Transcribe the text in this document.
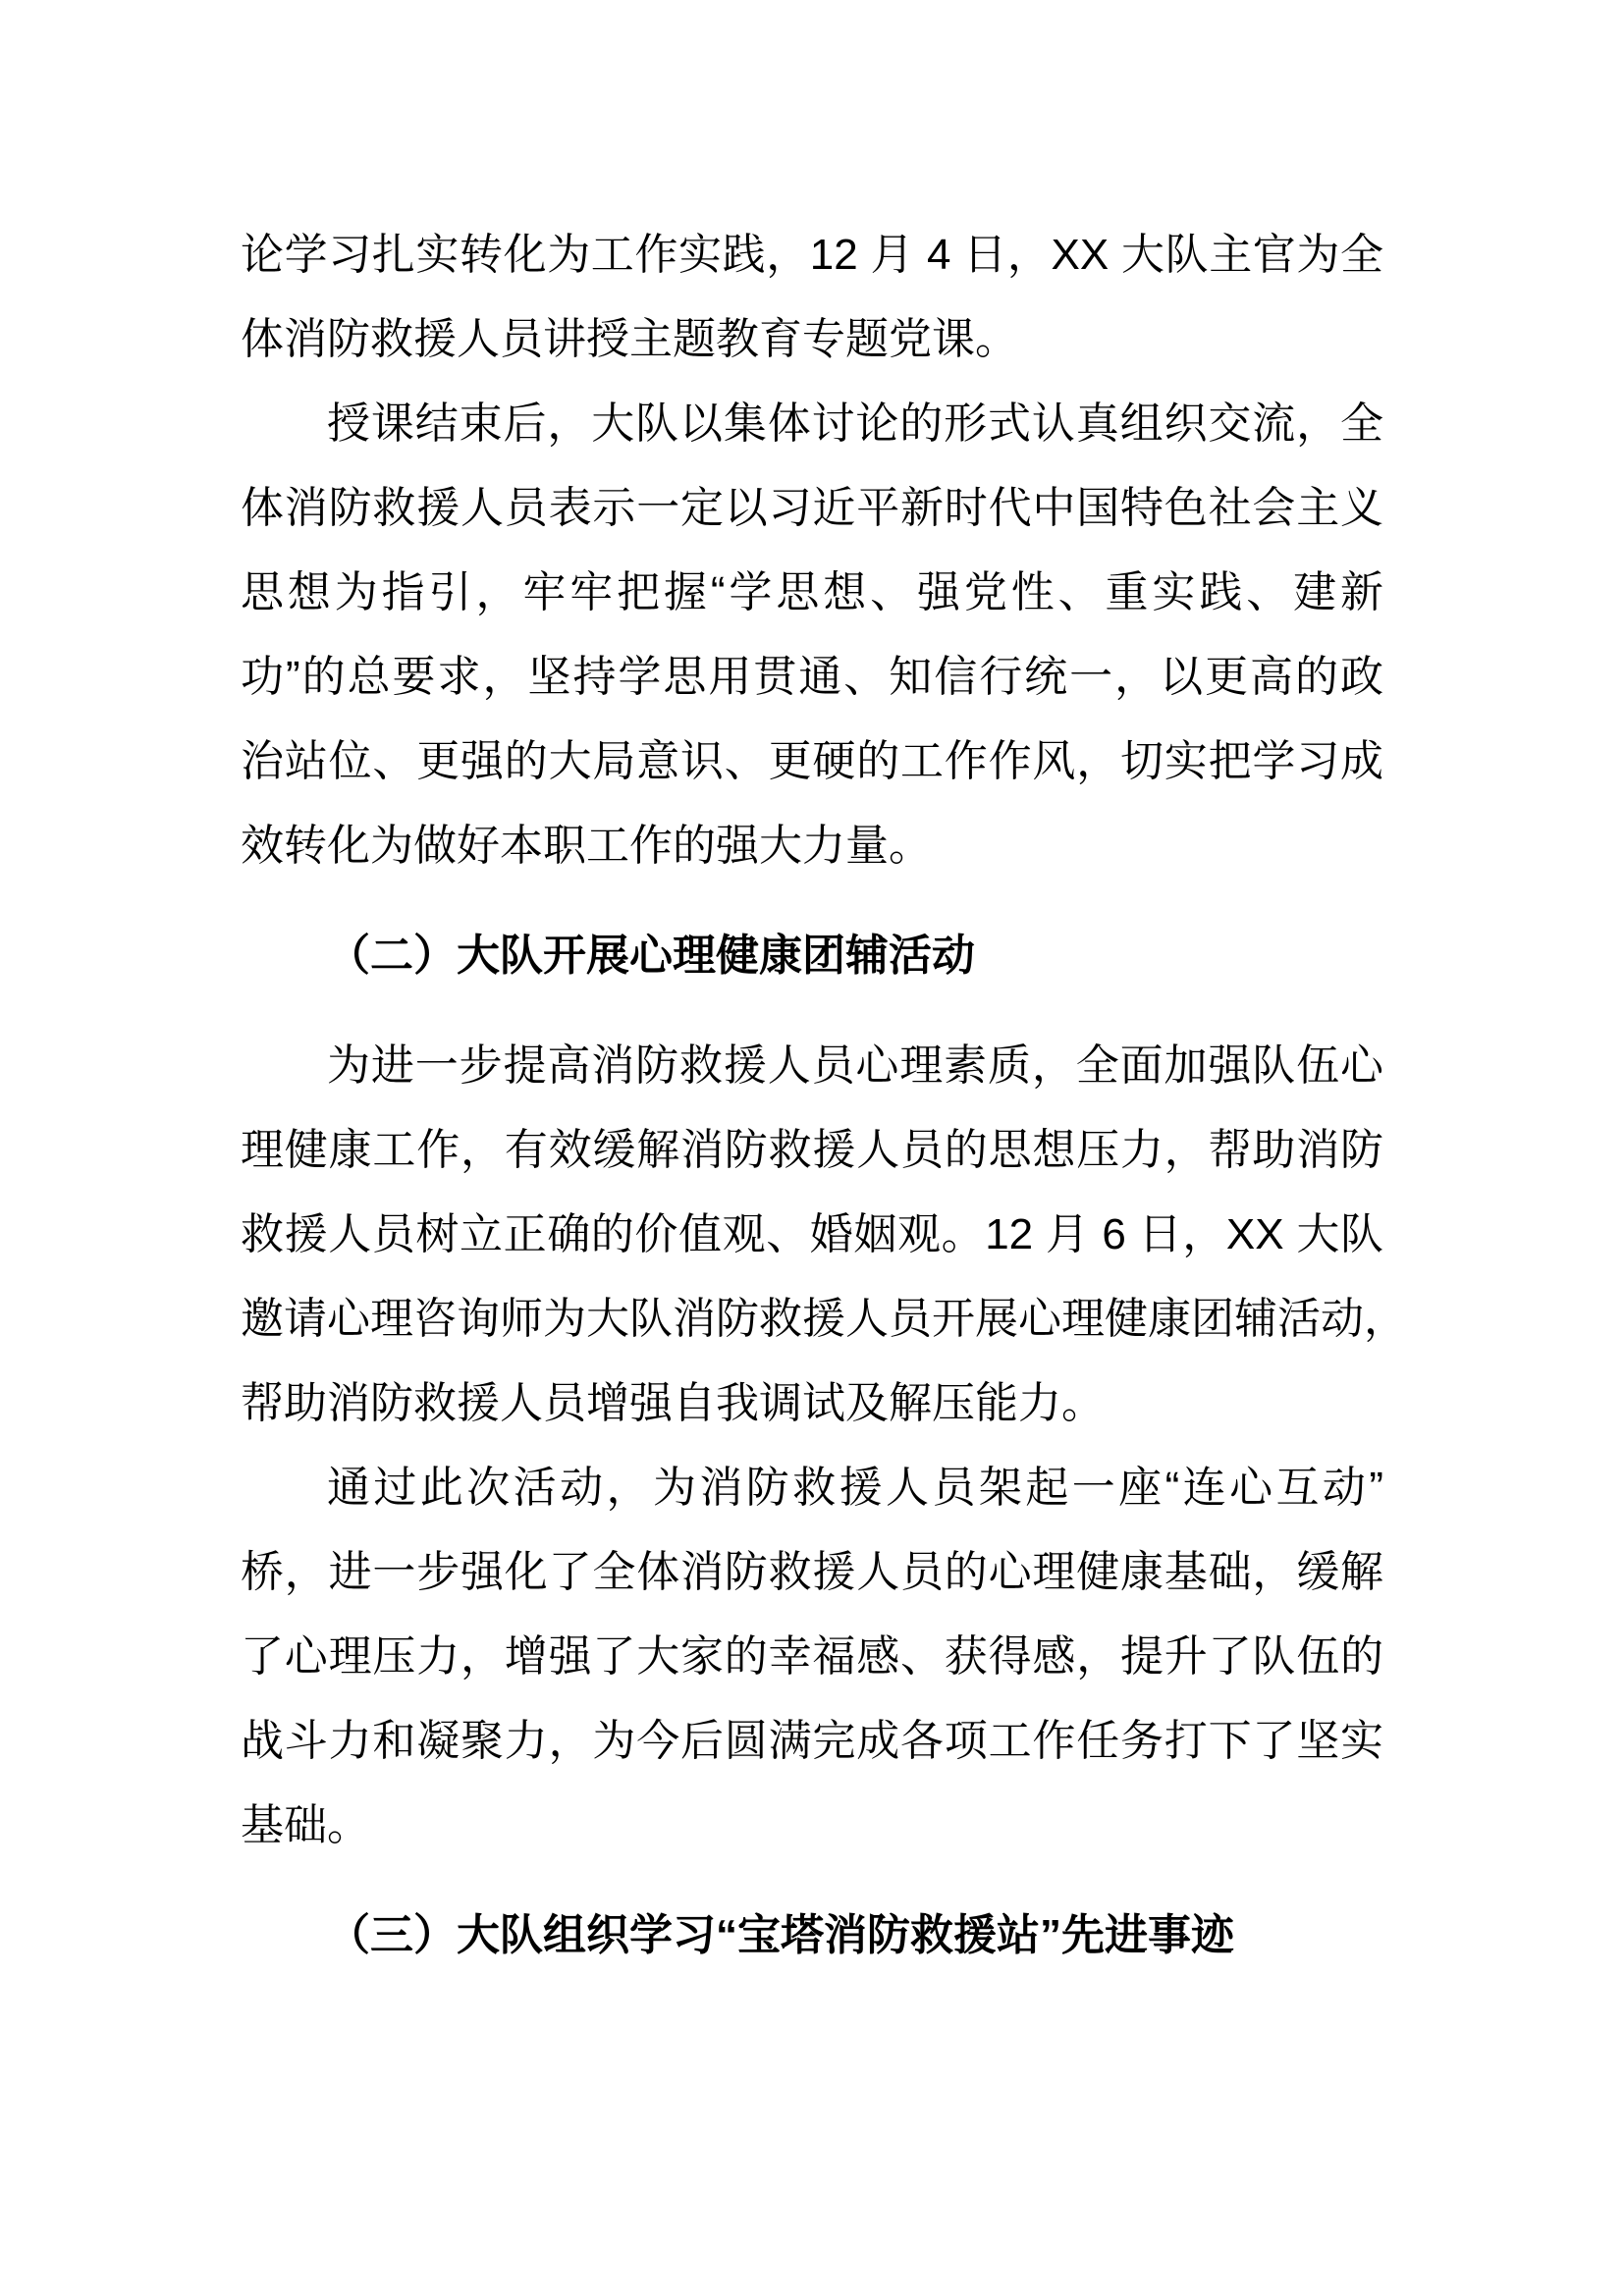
论学习扎实转化为工作实践，12 月 4 日，XX 大队主官为全
体消防救援人员讲授主题教育专题党课。
授课结束后，大队以集体讨论的形式认真组织交流，全
体消防救援人员表示一定以习近平新时代中国特色社会主义
思想为指引，牢牢把握“学思想、强党性、重实践、建新
功”的总要求，坚持学思用贯通、知信行统一，以更高的政
治站位、更强的大局意识、更硬的工作作风，切实把学习成
效转化为做好本职工作的强大力量。
（二）大队开展心理健康团辅活动
为进一步提高消防救援人员心理素质，全面加强队伍心
理健康工作，有效缓解消防救援人员的思想压力，帮助消防
救援人员树立正确的价值观、婚姻观。12 月 6 日，XX 大队
邀请心理咨询师为大队消防救援人员开展心理健康团辅活动，
帮助消防救援人员增强自我调试及解压能力。
通过此次活动，为消防救援人员架起一座“连心互动”
桥，进一步强化了全体消防救援人员的心理健康基础，缓解
了心理压力，增强了大家的幸福感、获得感，提升了队伍的
战斗力和凝聚力，为今后圆满完成各项工作任务打下了坚实
基础。
（三）大队组织学习“宝塔消防救援站”先进事迹
